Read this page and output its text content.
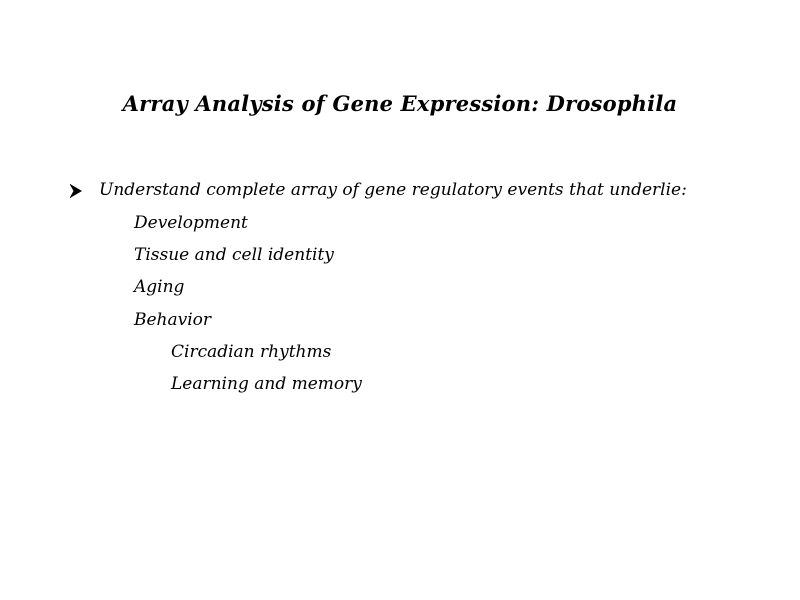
Array Analysis of Gene Expression: Drosophila
Understand complete array of gene regulatory events that underlie:
Development
Tissue and cell identity
Aging
Behavior
Circadian rhythms
Learning and memory
